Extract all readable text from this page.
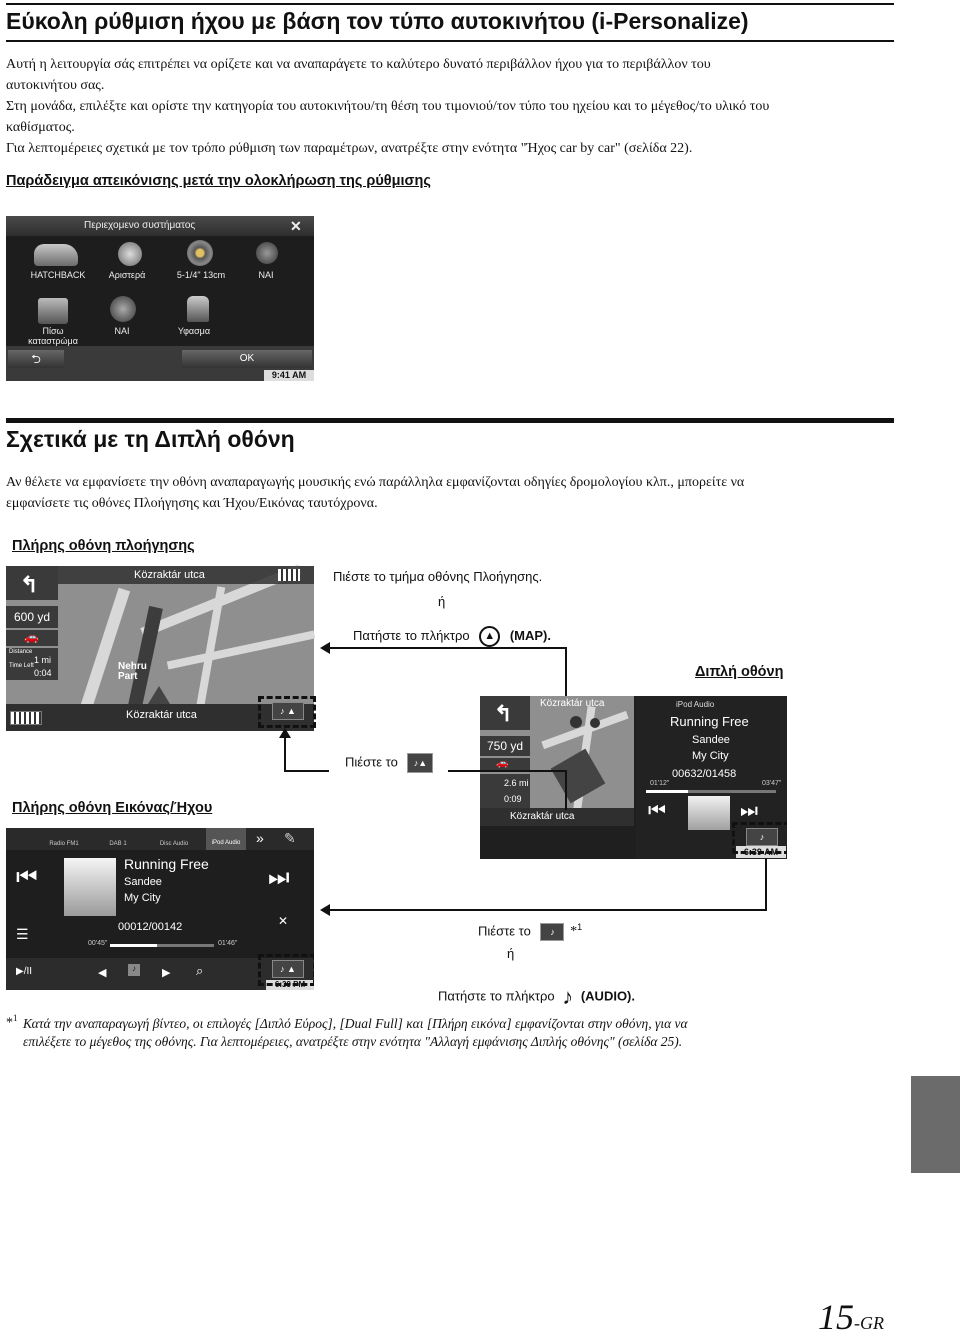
Εύκολη ρύθμιση ήχου με βάση τον τύπο αυτοκινήτου (i-Personalize)
Αυτή η λειτουργία σάς επιτρέπει να ορίζετε και να αναπαράγετε το καλύτερο δυνατό περιβάλλον ήχου για το περιβάλλον του
αυτοκινήτου σας.
Στη μονάδα, επιλέξτε και ορίστε την κατηγορία του αυτοκινήτου/τη θέση του τιμονιού/τον τύπο του ηχείου και το μέγεθος/το υλικό του
καθίσματος.
Για λεπτομέρειες σχετικά με τον τρόπο ρύθμιση των παραμέτρων, ανατρέξτε στην ενότητα "Ήχος car by car" (σελίδα 22).
Παράδειγμα απεικόνισης μετά την ολοκλήρωση της ρύθμισης
Περιεχομενο συστήματος	✕
HATCHBACK	Αριστερά	5-1/4" 13cm	NAI
Πίσω
καταστρώμα
NAI	Υφασμα
⮌	OK
9:41 AM
Σχετικά με τη Διπλή οθόνη
Αν θέλετε να εμφανίσετε την οθόνη αναπαραγωγής μουσικής ενώ παράλληλα εμφανίζονται οδηγίες δρομολογίου κλπ., μπορείτε να
εμφανίσετε τις οθόνες Πλοήγησης και Ήχου/Εικόνας ταυτόχρονα.
Πλήρης οθόνη πλοήγησης
Közraktár utca
↰
600 yd
🚗
Distance
1 mi
Time Left
0:04
Nehru
Part
Közraktár utca	♪ ▲
Πιέστε το τμήμα οθόνης Πλοήγησης.
ή
Πατήστε το πλήκτρο ▲ (MAP).
Διπλή οθόνη
Közraktár utca
↰
750 yd
🚗
2.6 mi
0:09
Közraktár utca
iPod Audio
Running Free
Sandee
My City
00632/01458
01'12"	03'47"
⏮	⏭
6:39 AM
♪
Πιέστε το ♪▲
Πλήρης οθόνη Εικόνας/Ήχου
Radio FM1	DAB 1	Disc Audio	iPod Audio	» ✎
⏮	Running Free
Sandee
My City
⏭
☰	00012/00142
00'45"	01'46"
✕
▶/II	◀	♪	▶ ⌕
6:39 PM
♪ ▲
Πιέστε το ♪ *$^1$
ή
Πατήστε το πλήκτρο ♪ (AUDIO).
*$^1$ Κατά την αναπαραγωγή βίντεο, οι επιλογές [Διπλό Εύρος], [Dual Full] και [Πλήρη εικόνα] εμφανίζονται στην οθόνη, για να
επιλέξετε το μέγεθος της οθόνης. Για λεπτομέρειες, ανατρέξτε στην ενότητα "Αλλαγή εμφάνισης Διπλής οθόνης" (σελίδα 25).
15-GR
